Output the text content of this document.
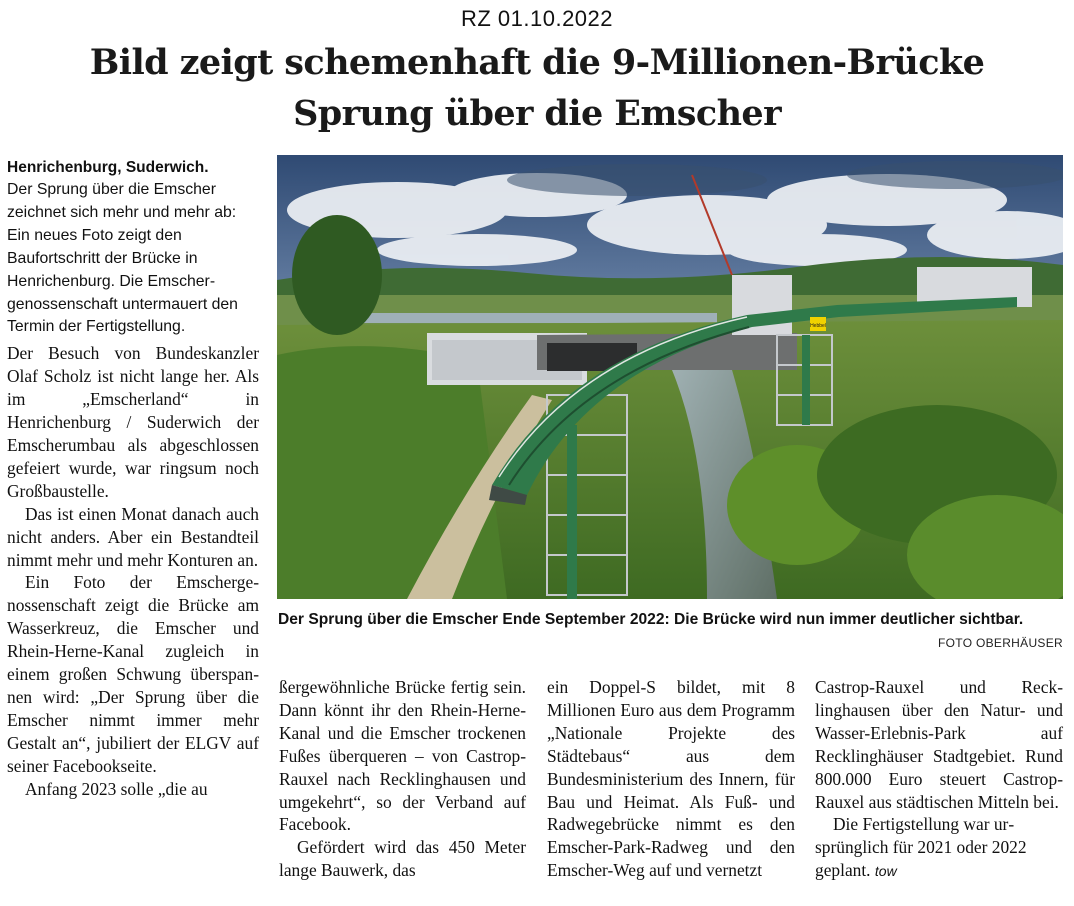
RZ 01.10.2022
Bild zeigt schemenhaft die 9-Millionen-Brücke
Sprung über die Emscher
Henrichenburg, Suderwich.

Der Sprung über die Emscher zeichnet sich mehr und mehr ab: Ein neues Foto zeigt den Baufortschritt der Brücke in Henrichenburg. Die Emschergenossenschaft untermauert den Termin der Fertigstellung.

Der Besuch von Bundeskanzler Olaf Scholz ist nicht lange her. Als im „Emscherland“ in Henrichenburg / Suderwich der Emscherumbau als abgeschlossen gefeiert wurde, war ringsum noch Großbaustelle.

Das ist einen Monat danach auch nicht anders. Aber ein Bestandteil nimmt mehr und mehr Konturen an.

Ein Foto der Emschergenossenschaft zeigt die Brücke am Wasserkreuz, die Emscher und Rhein-Herne-Kanal zugleich in einem großen Schwung überspannen wird: „Der Sprung über die Emscher nimmt immer mehr Gestalt an“, jubiliert der ELGV auf seiner Facebookseite.

Anfang 2023 solle „die au

Hebbel
Der Sprung über die Emscher Ende September 2022: Die Brücke wird nun immer deutlicher sichtbar.
FOTO OBERHÄUSER

ßergewöhnliche Brücke fertig sein. Dann könnt ihr den Rhein-Herne-Kanal und die Emscher trockenen Fußes überqueren – von Castrop-Rauxel nach Recklinghausen und umgekehrt“, so der Verband auf Facebook.

Gefördert wird das 450 Meter lange Bauwerk, das

ein Doppel-S bildet, mit 8 Millionen Euro aus dem Programm „Nationale Projekte des Städtebaus“ aus dem Bundesministerium des Innern, für Bau und Heimat. Als Fuß- und Radwegebrücke nimmt es den Emscher-Park-Radweg und den Emscher-Weg auf und vernetzt

Castrop-Rauxel und Recklinghausen über den Natur- und Wasser-Erlebnis-Park auf Recklinghäuser Stadtgebiet. Rund 800.000 Euro steuert Castrop-Rauxel aus städtischen Mitteln bei.

Die Fertigstellung war ursprünglich für 2021 oder 2022 geplant. tow
